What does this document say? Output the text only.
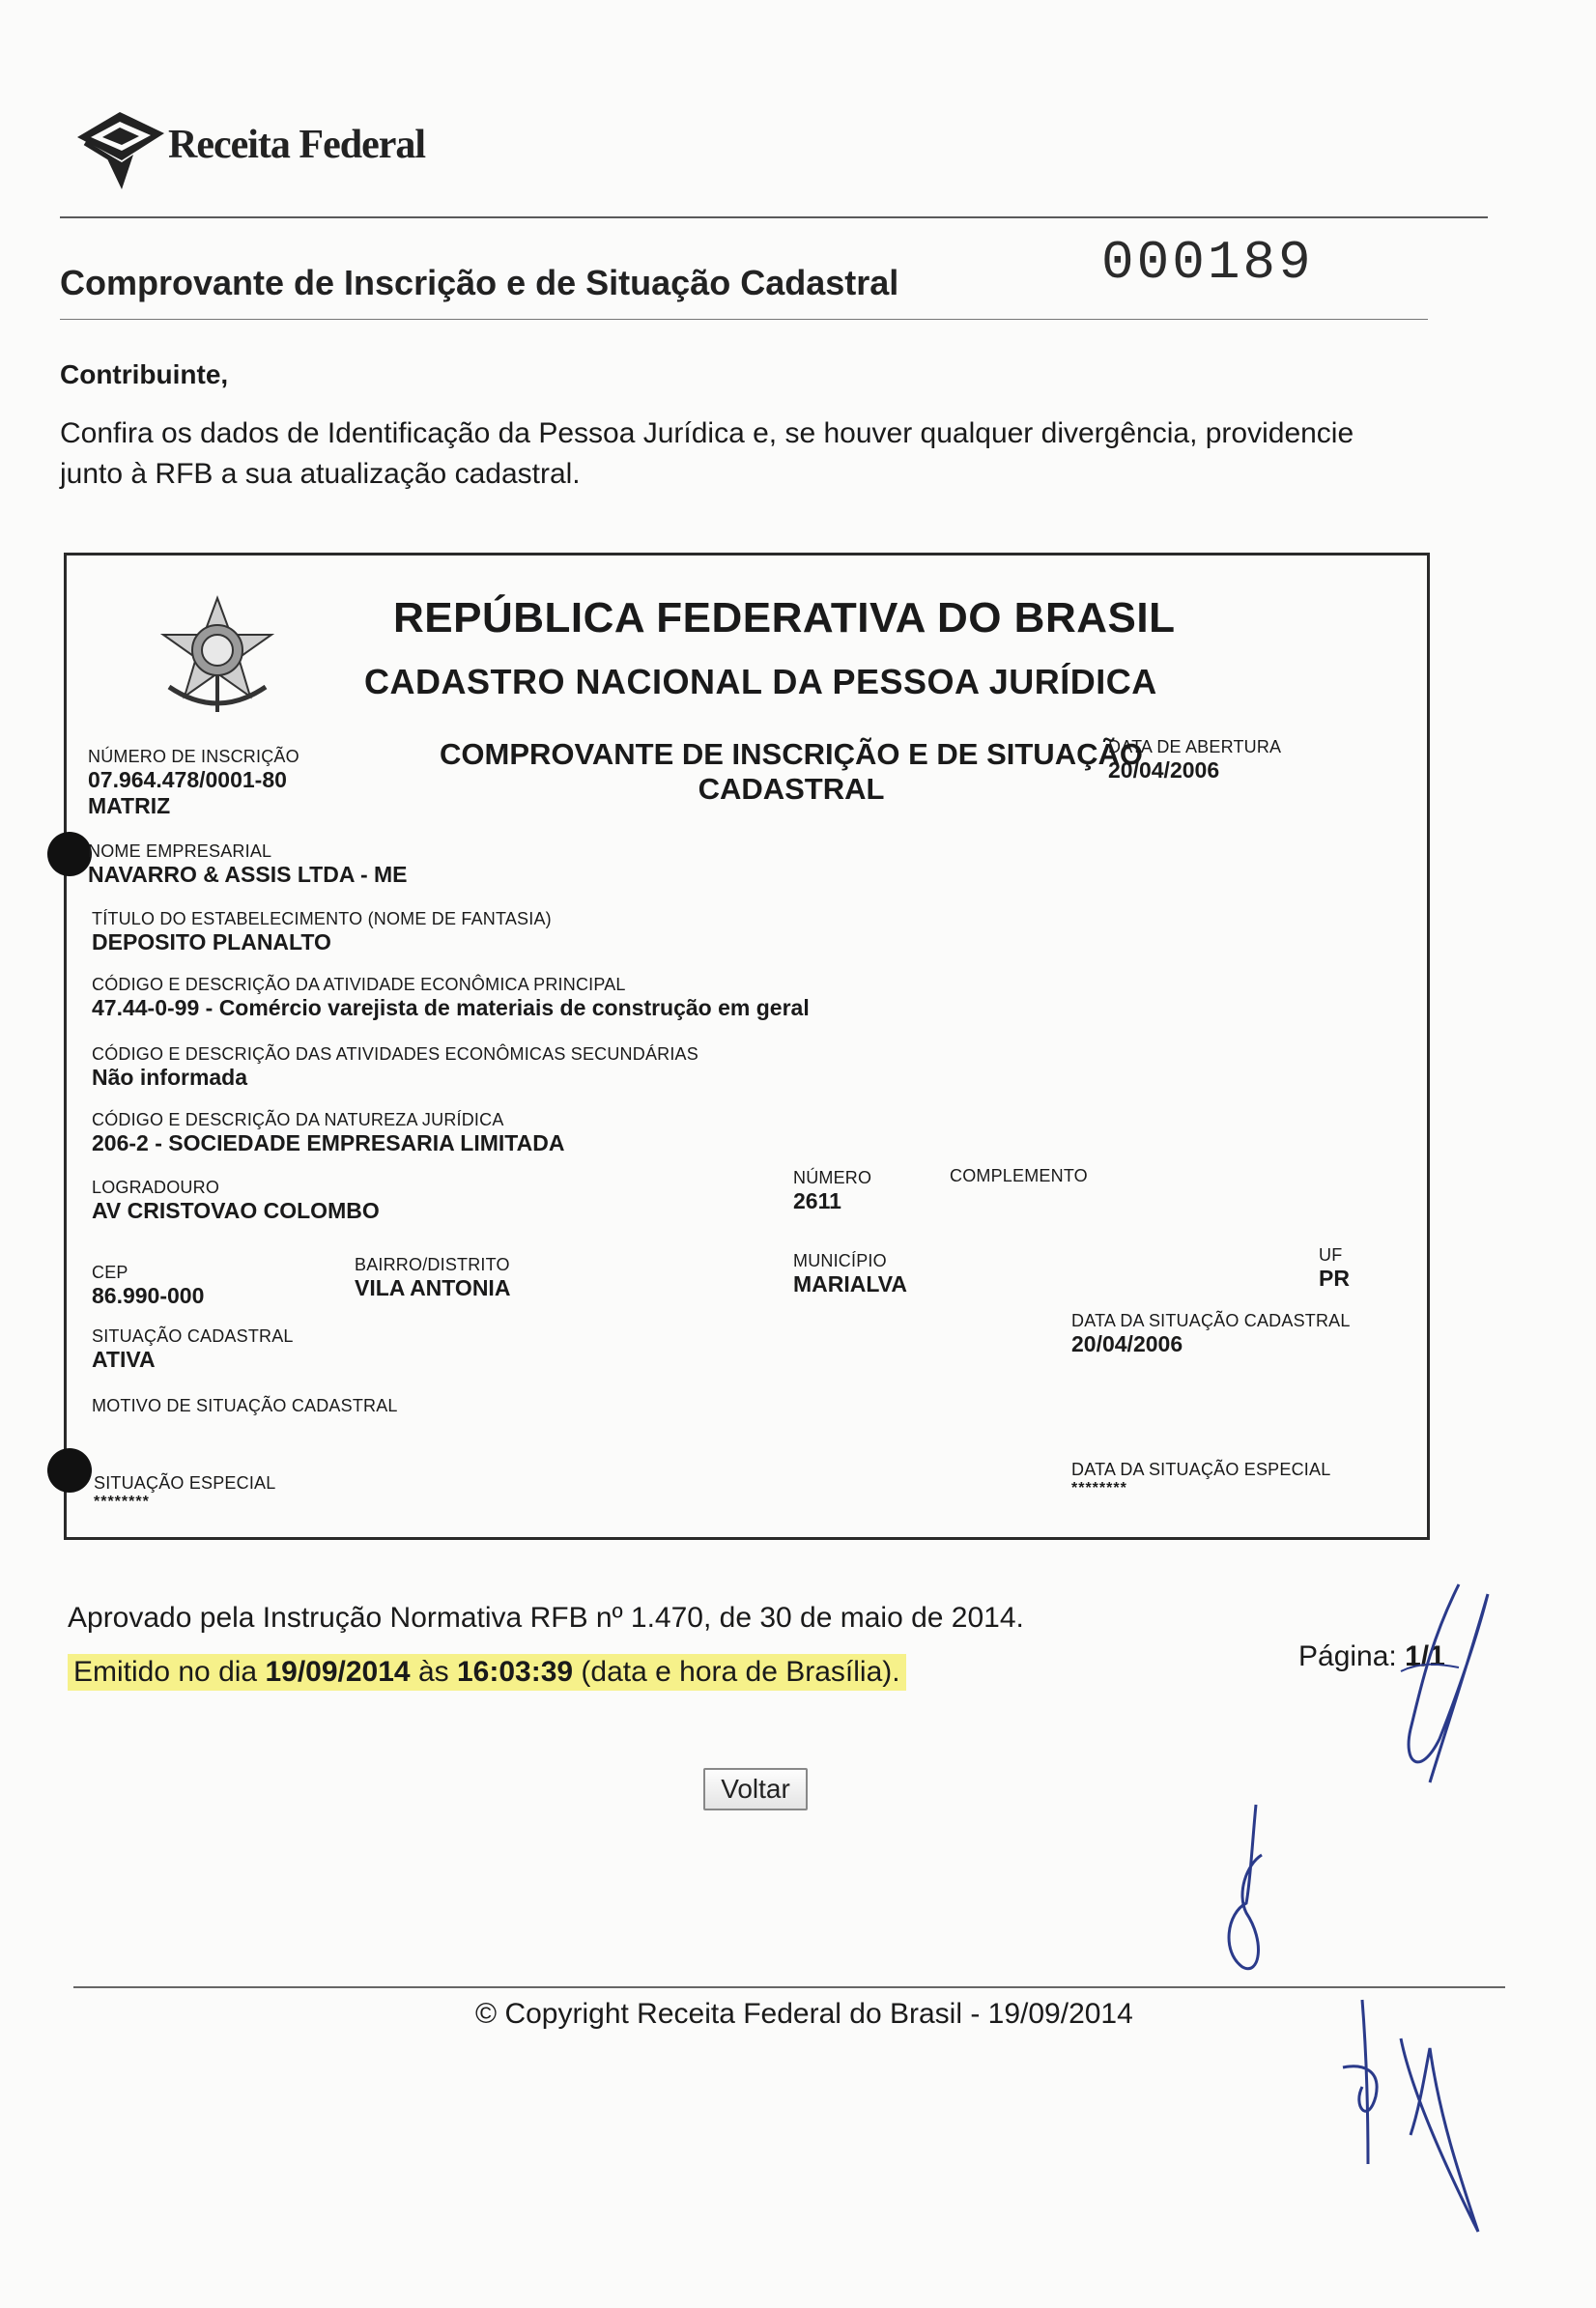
Receita Federal
Comprovante de Inscrição e de Situação Cadastral	000189
Contribuinte,
Confira os dados de Identificação da Pessoa Jurídica e, se houver qualquer divergência, providencie junto à RFB a sua atualização cadastral.
REPÚBLICA FEDERATIVA DO BRASIL
CADASTRO NACIONAL DA PESSOA JURÍDICA
COMPROVANTE DE INSCRIÇÃO E DE SITUAÇÃO
CADASTRAL
NÚMERO DE INSCRIÇÃO
07.964.478/0001-80
MATRIZ
DATA DE ABERTURA
20/04/2006
NOME EMPRESARIAL
NAVARRO & ASSIS LTDA - ME
TÍTULO DO ESTABELECIMENTO (NOME DE FANTASIA)
DEPOSITO PLANALTO
CÓDIGO E DESCRIÇÃO DA ATIVIDADE ECONÔMICA PRINCIPAL
47.44-0-99 - Comércio varejista de materiais de construção em geral
CÓDIGO E DESCRIÇÃO DAS ATIVIDADES ECONÔMICAS SECUNDÁRIAS
Não informada
CÓDIGO E DESCRIÇÃO DA NATUREZA JURÍDICA
206-2 - SOCIEDADE EMPRESARIA LIMITADA
LOGRADOURO
AV CRISTOVAO COLOMBO
NÚMERO
2611
COMPLEMENTO
CEP
86.990-000
BAIRRO/DISTRITO
VILA ANTONIA
MUNICÍPIO
MARIALVA
UF
PR
SITUAÇÃO CADASTRAL
ATIVA
DATA DA SITUAÇÃO CADASTRAL
20/04/2006
MOTIVO DE SITUAÇÃO CADASTRAL
SITUAÇÃO ESPECIAL
********
DATA DA SITUAÇÃO ESPECIAL
********
Aprovado pela Instrução Normativa RFB nº 1.470, de 30 de maio de 2014.
Emitido no dia 19/09/2014 às 16:03:39 (data e hora de Brasília).	Página: 1/1
Voltar
© Copyright Receita Federal do Brasil - 19/09/2014
